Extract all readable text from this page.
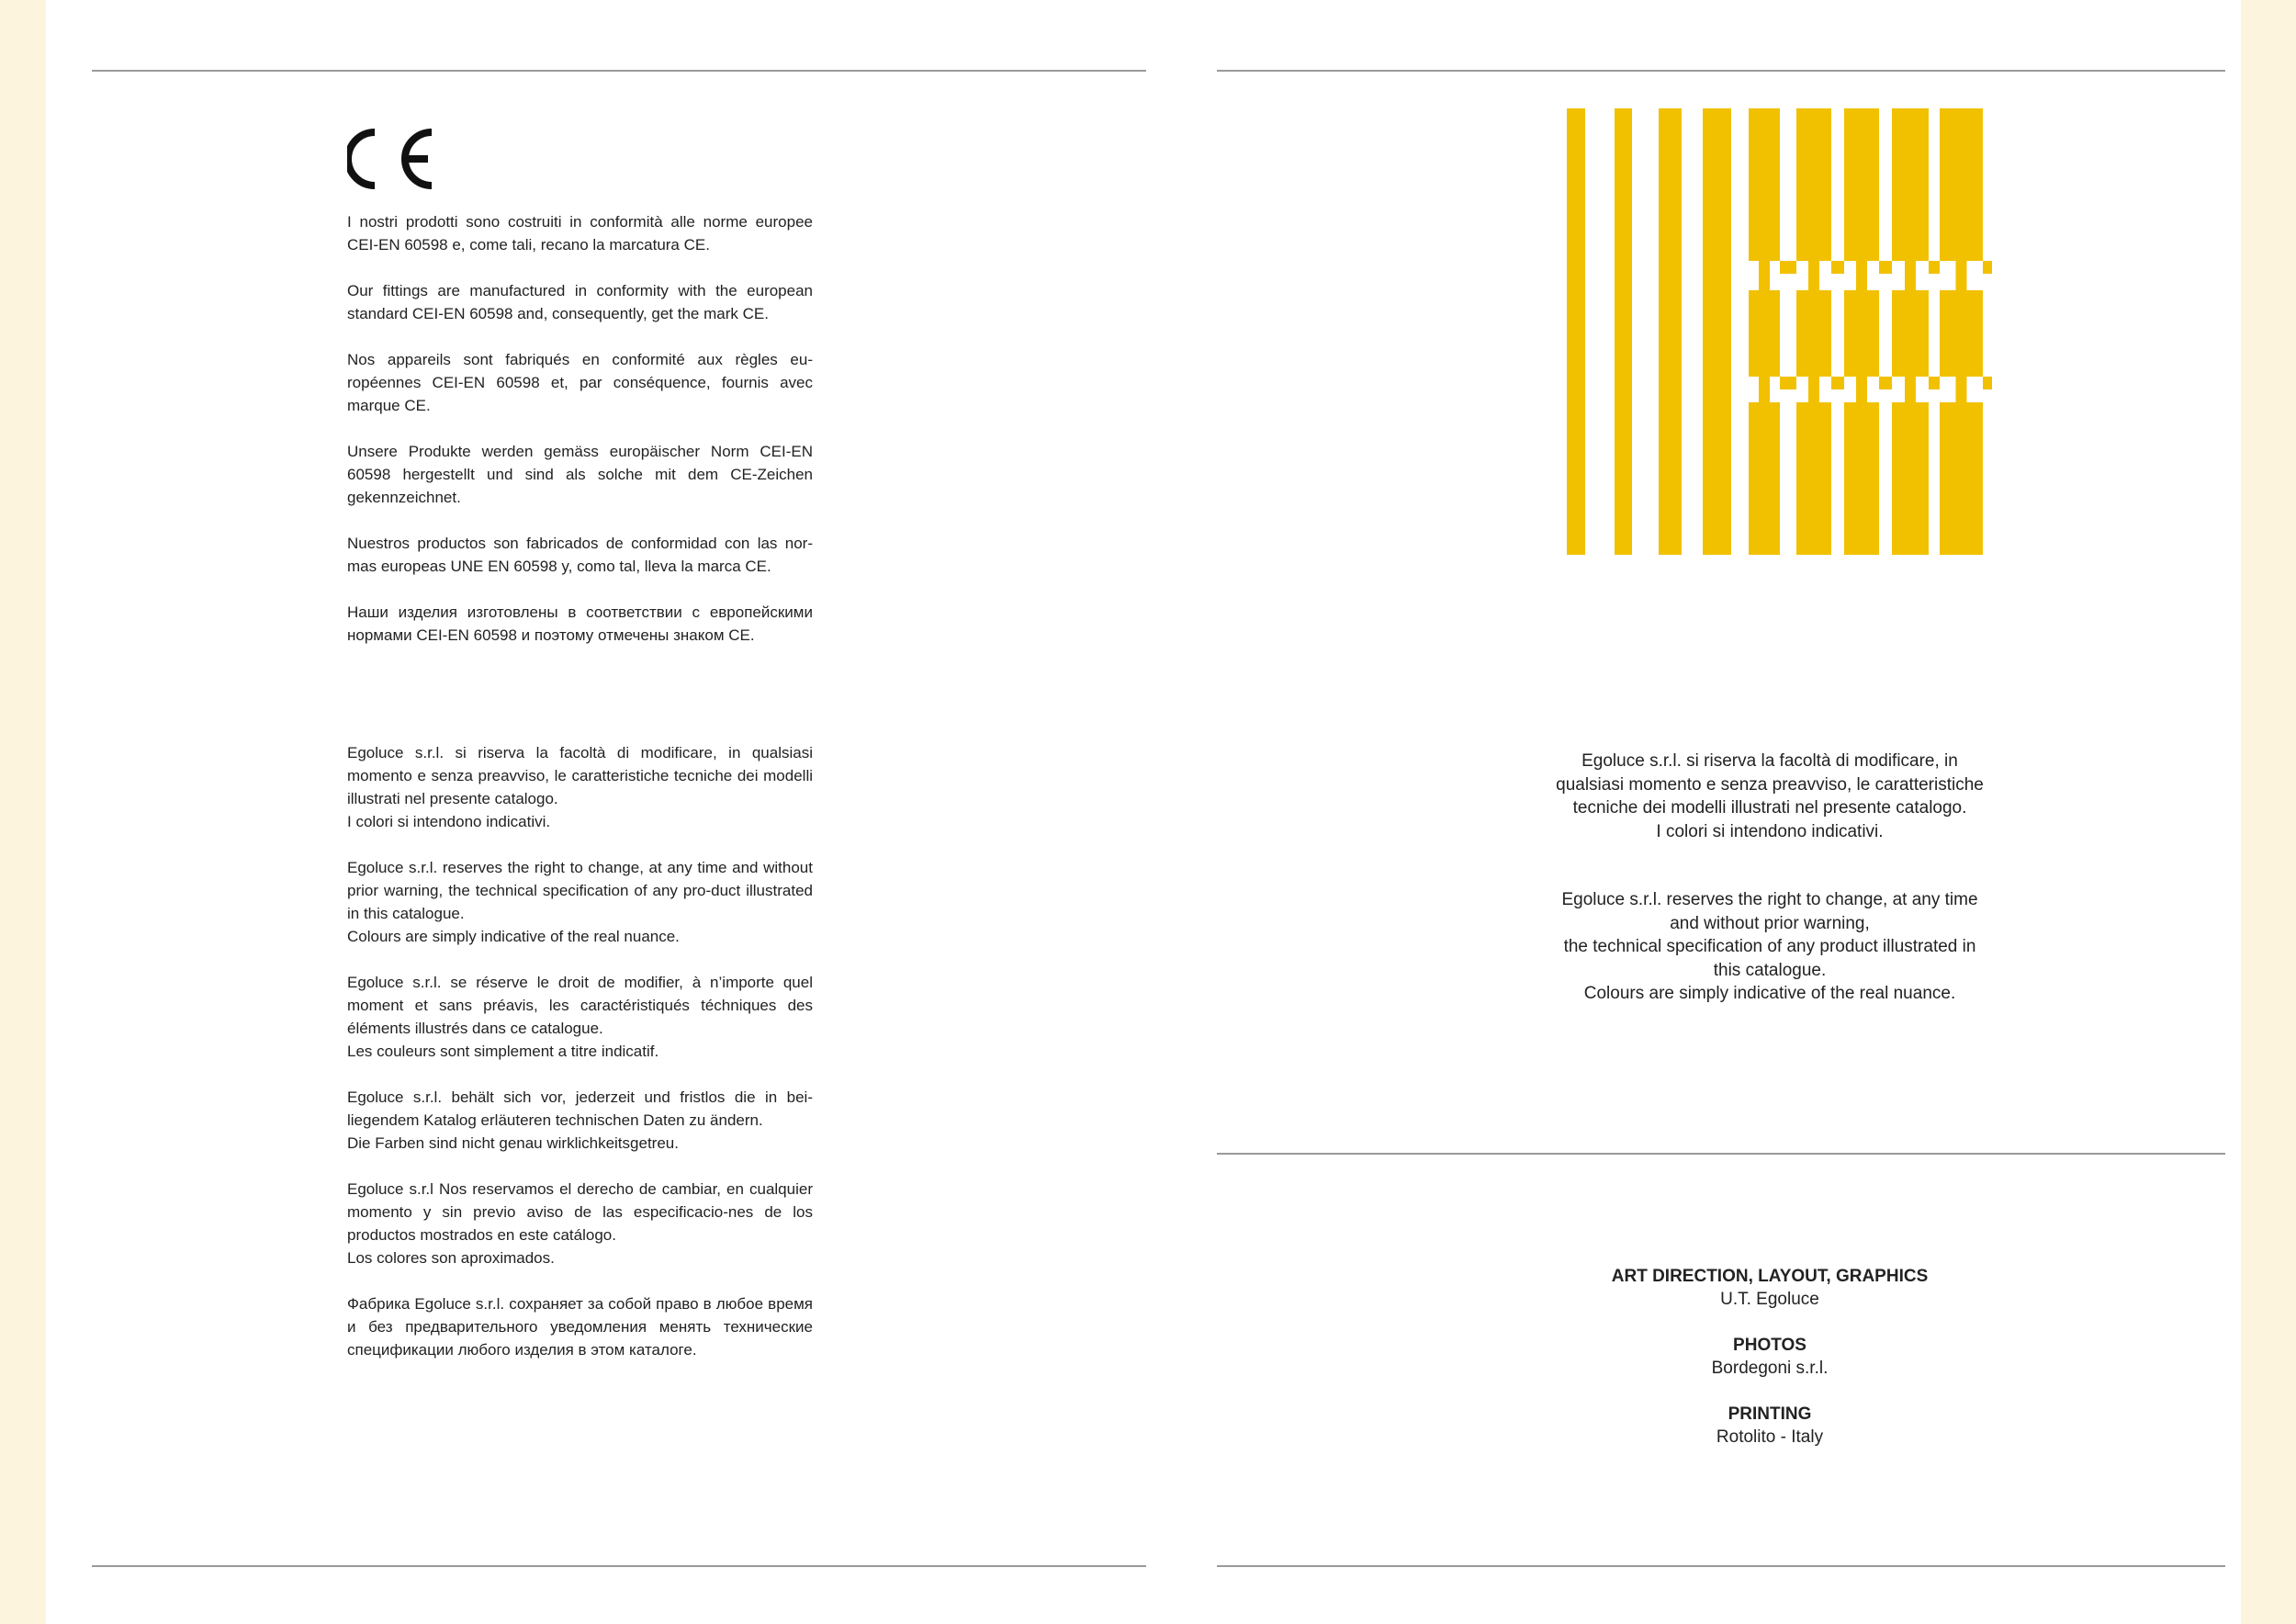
I nostri prodotti sono costruiti in conformità alle norme europee CEI-EN 60598 e, come tali, recano la marcatura CE.

Our fittings are manufactured in conformity with the european standard CEI-EN 60598 and, consequently, get the mark CE.

Nos appareils sont fabriqués en conformité aux règles eu-ropéennes CEI-EN 60598 et, par conséquence, fournis avec marque CE.

Unsere Produkte werden gemäss europäischer Norm CEI-EN 60598 hergestellt und sind als solche mit dem CE-Zeichen gekennzeichnet.

Nuestros productos son fabricados de conformidad con las nor-mas europeas UNE EN 60598 y, como tal, lleva la marca CE.

Наши изделия изготовлены в соответствии с европейскими нормами CEI-EN 60598 и поэтому отмечены знаком CE.

Egoluce s.r.l. si riserva la facoltà di modificare, in qualsiasi momento e senza preavviso, le caratteristiche tecniche dei modelli illustrati nel presente catalogo.
I colori si intendono indicativi.

Egoluce s.r.l. reserves the right to change, at any time and without prior warning, the technical specification of any pro-duct illustrated in this catalogue.
Colours are simply indicative of the real nuance.

Egoluce s.r.l. se réserve le droit de modifier, à n’importe quel moment et sans préavis, les caractéristiqués téchniques des éléments illustrés dans ce catalogue.
Les couleurs sont simplement a titre indicatif.

Egoluce s.r.l. behält sich vor, jederzeit und fristlos die in bei-liegendem Katalog erläuteren technischen Daten zu ändern.
Die Farben sind nicht genau wirklichkeitsgetreu.

Egoluce s.r.l Nos reservamos el derecho de cambiar, en cualquier momento y sin previo aviso de las especificacio-nes de los productos mostrados en este catálogo.
Los colores son aproximados.

Фабрика Egoluce s.r.l. сохраняет за собой право в любое время и без предварительного уведомления менять технические спецификации любого изделия в этом каталоге.

Egoluce s.r.l. si riserva la facoltà di modificare, in
qualsiasi momento e senza preavviso, le caratteristiche
tecniche dei modelli illustrati nel presente catalogo.
I colori si intendono indicativi.

Egoluce s.r.l. reserves the right to change, at any time
and without prior warning,
the technical specification of any product illustrated in
this catalogue.
Colours are simply indicative of the real nuance.

ART DIRECTION, LAYOUT, GRAPHICS
U.T. Egoluce
PHOTOS
Bordegoni s.r.l.
PRINTING
Rotolito - Italy
